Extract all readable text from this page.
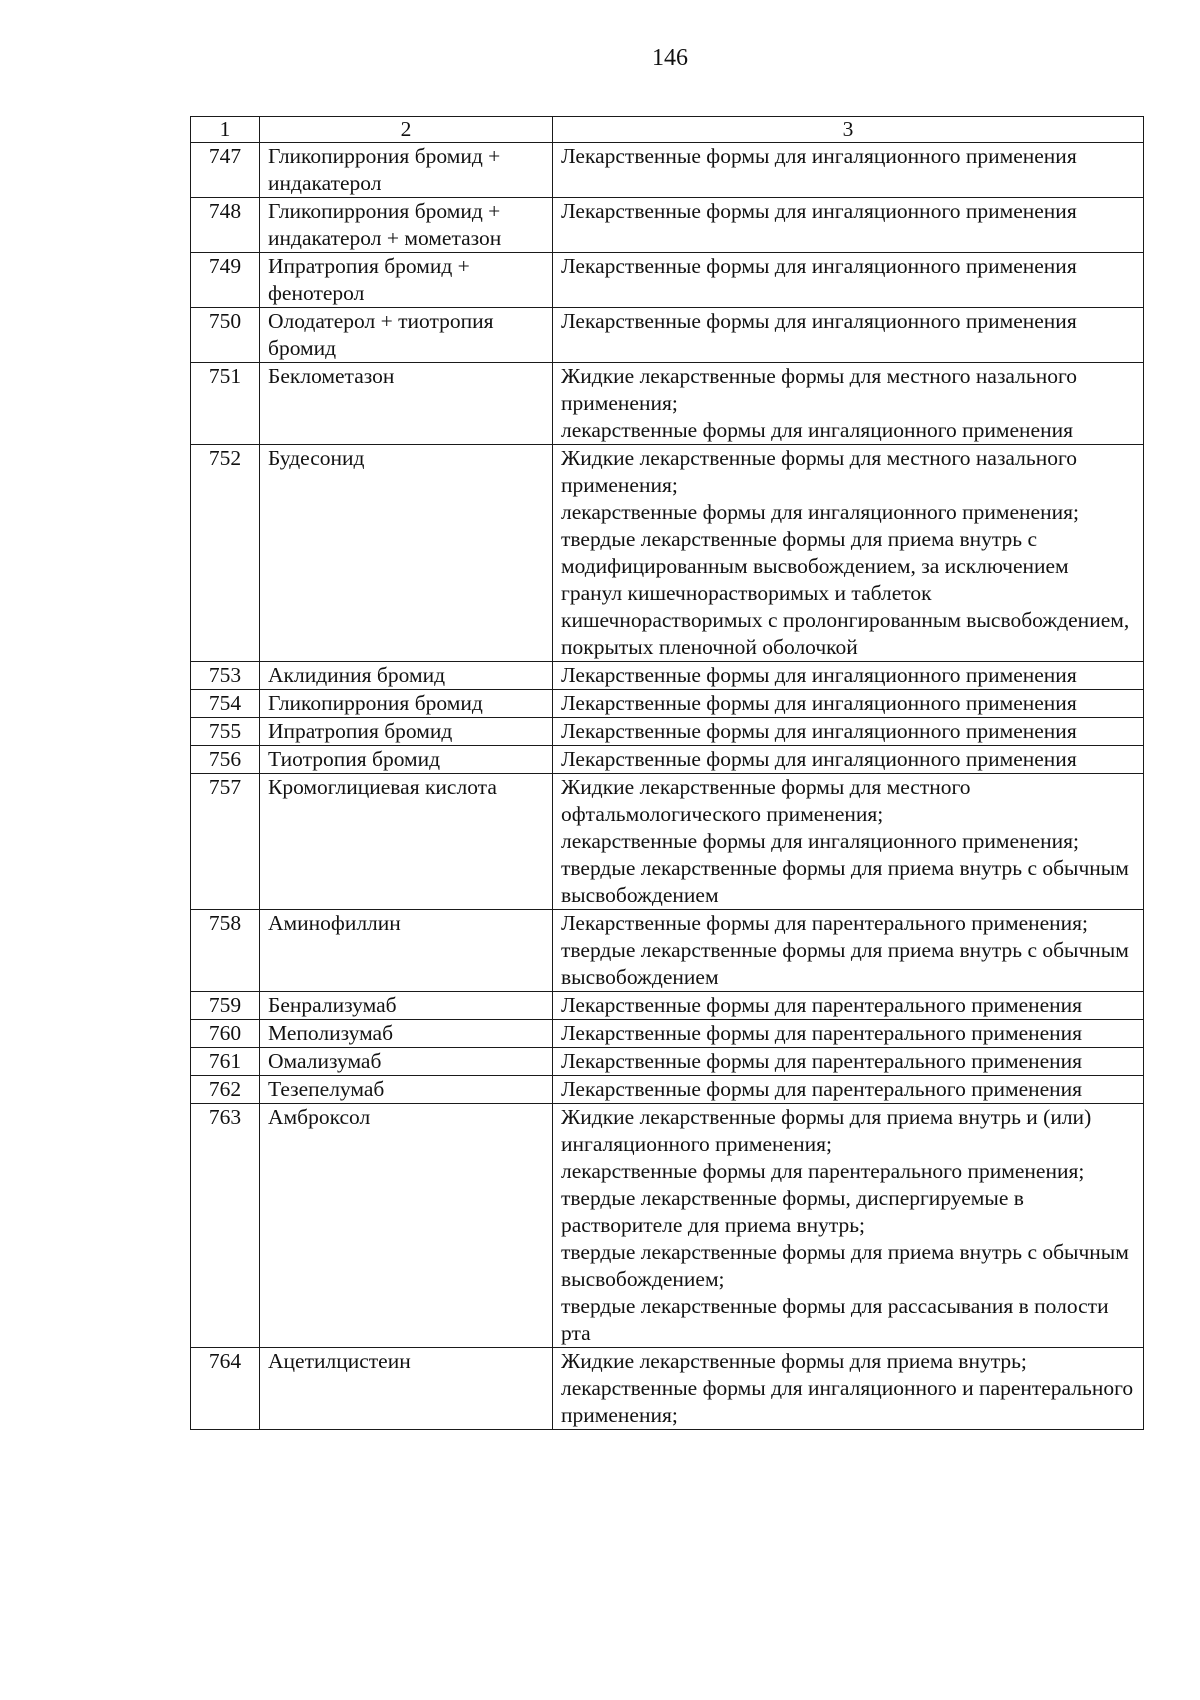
146
1	2	3
747	Гликопиррония бромид + индакатерол	Лекарственные формы для ингаляционного применения

748	Гликопиррония бромид + индакатерол + мометазон	Лекарственные формы для ингаляционного применения

749	Ипратропия бромид + фенотерол	Лекарственные формы для ингаляционного применения

750	Олодатерол + тиотропия бромид	Лекарственные формы для ингаляционного применения

751	Беклометазон	Жидкие лекарственные формы для местного назального применения;
лекарственные формы для ингаляционного применения

752	Будесонид	Жидкие лекарственные формы для местного назального применения;
лекарственные формы для ингаляционного применения;
твердые лекарственные формы для приема внутрь с модифицированным высвобождением, за исключением гранул кишечнорастворимых и таблеток кишечнорастворимых с пролонгированным высвобождением, покрытых пленочной оболочкой

753	Аклидиния бромид	Лекарственные формы для ингаляционного применения

754	Гликопиррония бромид	Лекарственные формы для ингаляционного применения

755	Ипратропия бромид	Лекарственные формы для ингаляционного применения

756	Тиотропия бромид	Лекарственные формы для ингаляционного применения

757	Кромоглициевая кислота	Жидкие лекарственные формы для местного офтальмологического применения;
лекарственные формы для ингаляционного применения;
твердые лекарственные формы для приема внутрь с обычным высвобождением

758	Аминофиллин	Лекарственные формы для парентерального применения;
твердые лекарственные формы для приема внутрь с обычным высвобождением

759	Бенрализумаб	Лекарственные формы для парентерального применения

760	Меполизумаб	Лекарственные формы для парентерального применения

761	Омализумаб	Лекарственные формы для парентерального применения

762	Тезепелумаб	Лекарственные формы для парентерального применения

763	Амброксол	Жидкие лекарственные формы для приема внутрь и (или) ингаляционного применения;
лекарственные формы для парентерального применения;
твердые лекарственные формы, диспергируемые в растворителе для приема внутрь;
твердые лекарственные формы для приема внутрь с обычным высвобождением;
твердые лекарственные формы для рассасывания в полости рта

764	Ацетилцистеин	Жидкие лекарственные формы для приема внутрь;
лекарственные формы для ингаляционного и парентерального применения;
